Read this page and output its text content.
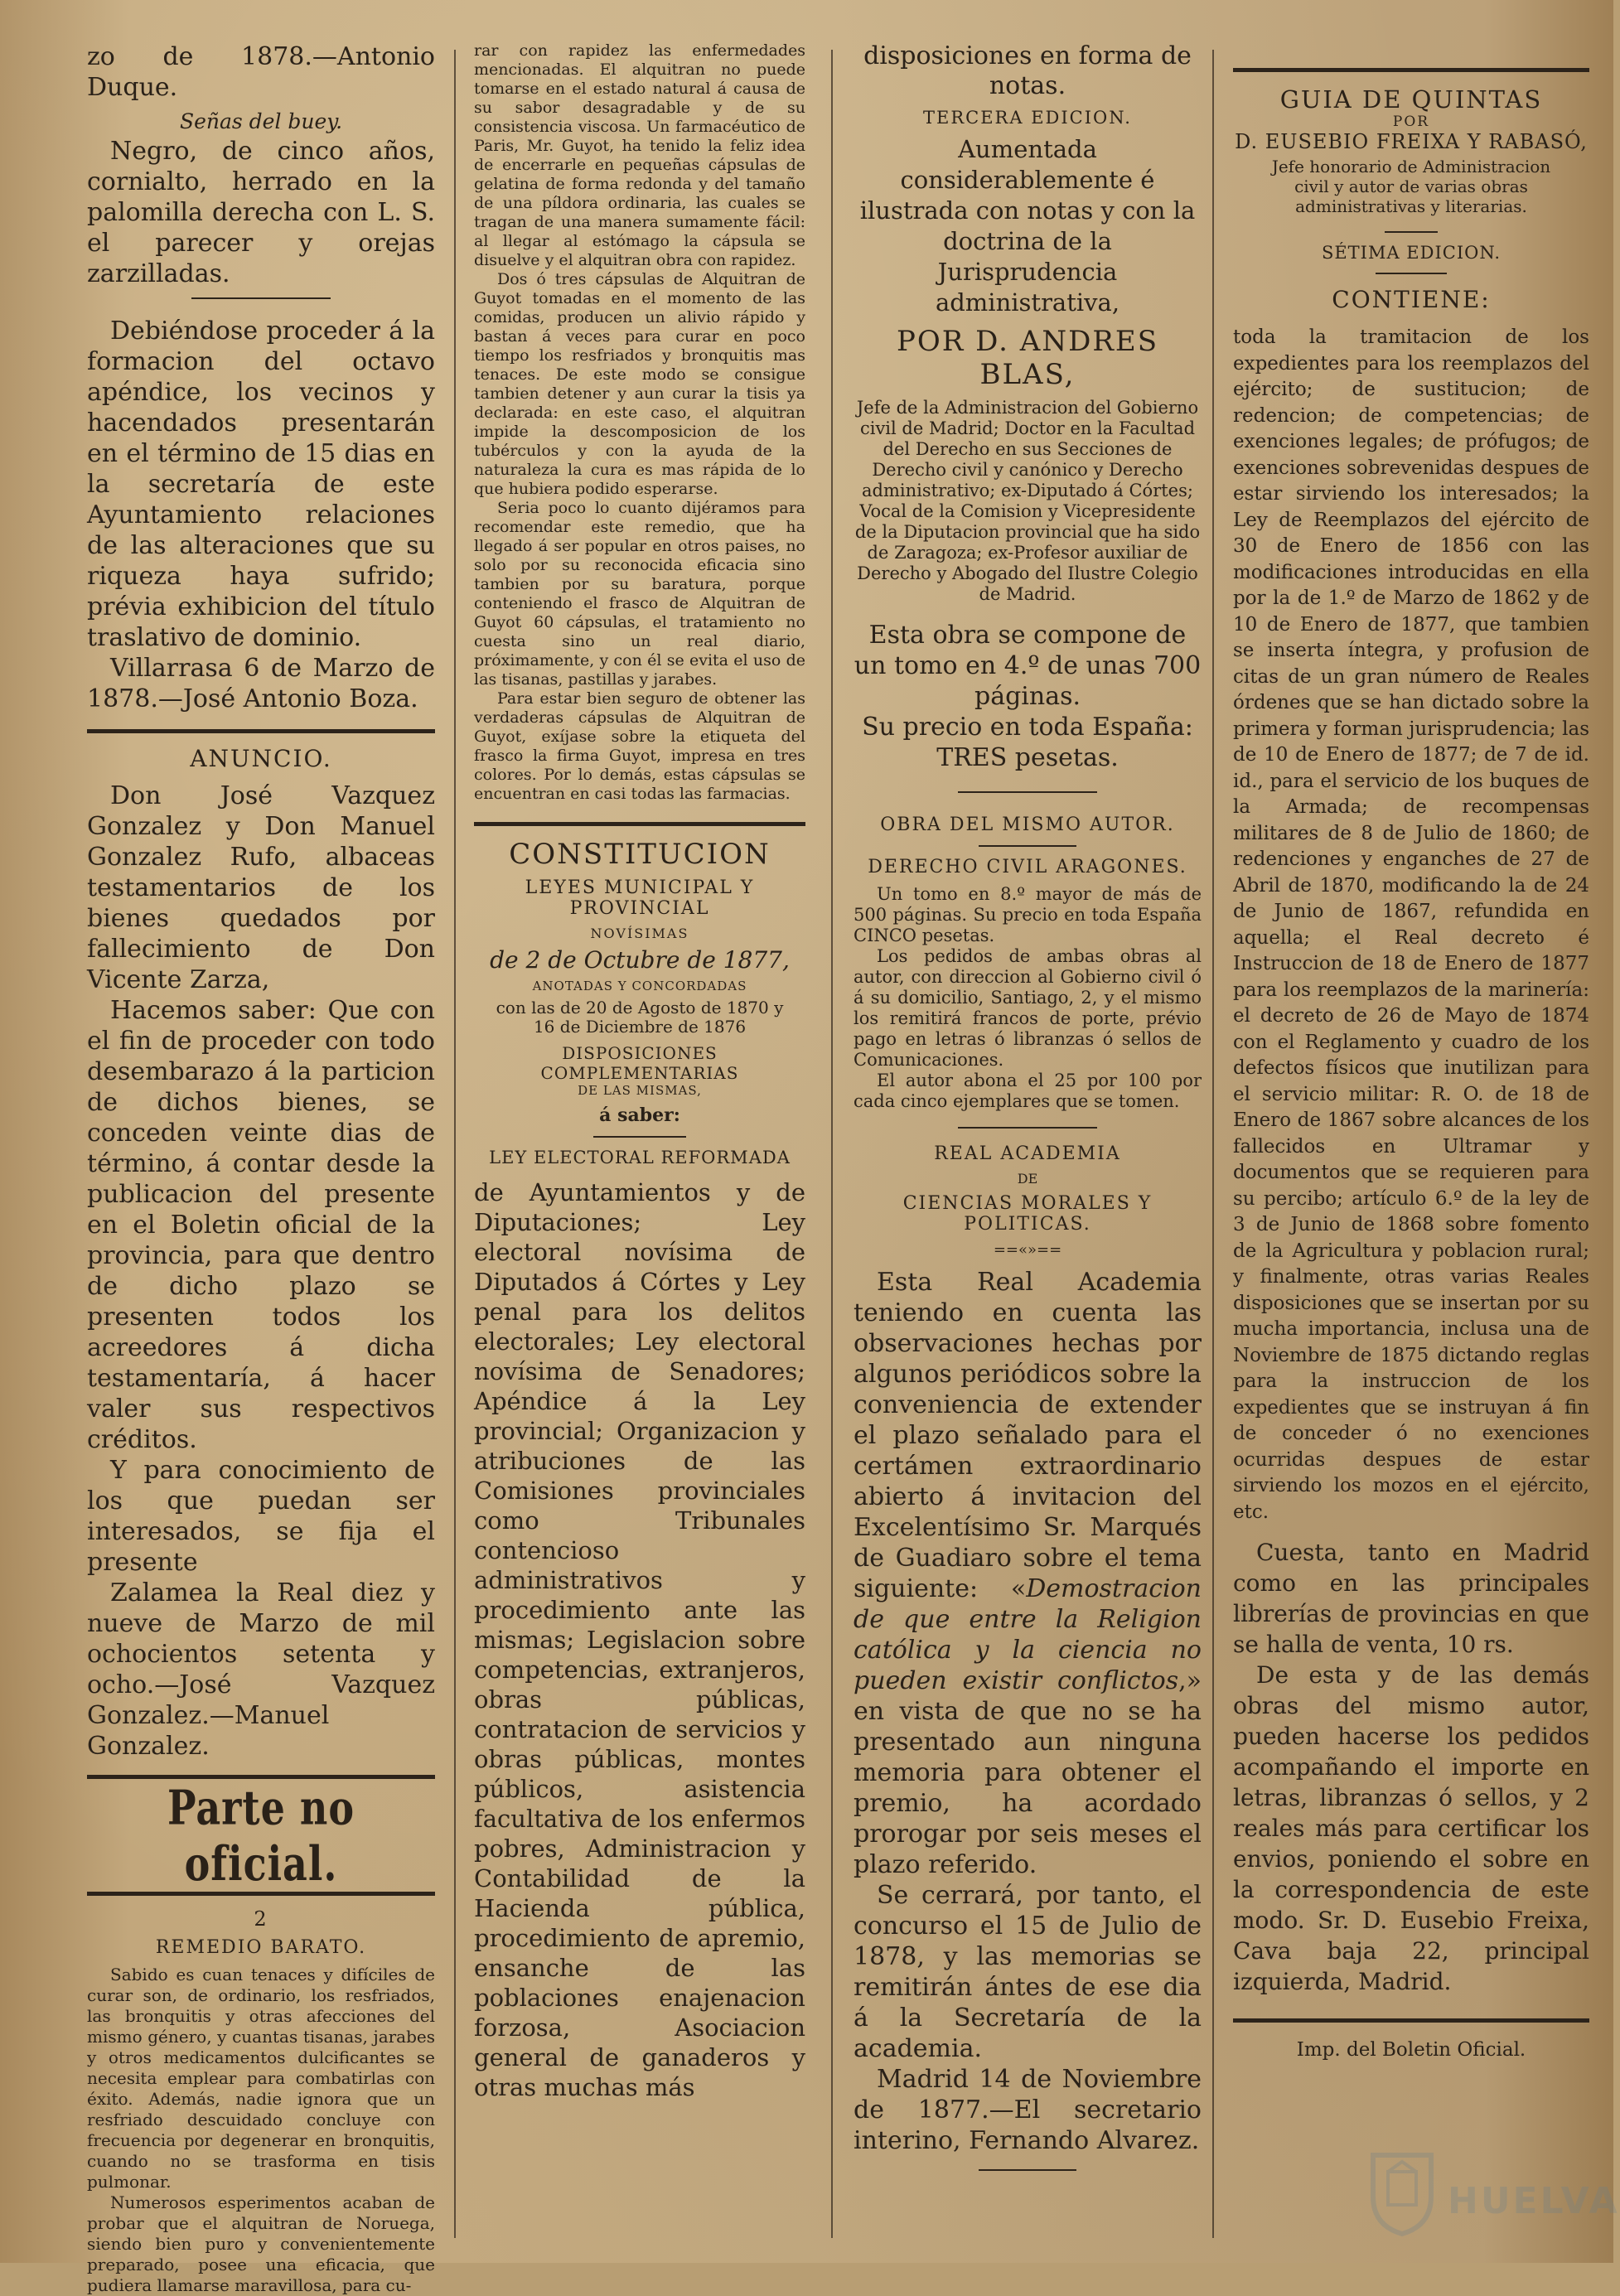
zo de 1878.—Antonio Duque.

Señas del buey.

Negro, de cinco años, cornialto, herrado en la palomilla derecha con L. S. el parecer y orejas zarzilladas.

Debiéndose proceder á la formacion del octavo apéndice, los vecinos y hacendados presentarán en el término de 15 dias en la secretaría de este Ayuntamiento relaciones de las alteraciones que su riqueza haya sufrido; prévia exhibicion del título traslativo de dominio.

Villarrasa 6 de Marzo de 1878.—José Antonio Boza.

ANUNCIO.

Don José Vazquez Gonzalez y Don Manuel Gonzalez Rufo, albaceas testamentarios de los bienes quedados por fallecimiento de Don Vicente Zarza,

Hacemos saber: Que con el fin de proceder con todo desembarazo á la particion de dichos bienes, se conceden veinte dias de término, á contar desde la publicacion del presente en el Boletin oficial de la provincia, para que dentro de dicho plazo se presenten todos los acreedores á dicha testamentaría, á hacer valer sus respectivos créditos.

Y para conocimiento de los que puedan ser interesados, se fija el presente

Zalamea la Real diez y nueve de Marzo de mil ochocientos setenta y ocho.—José Vazquez Gonzalez.—Manuel Gonzalez.

Parte no oficial.

2

REMEDIO BARATO.

Sabido es cuan tenaces y difíciles de curar son, de ordinario, los resfriados, las bronquitis y otras afecciones del mismo género, y cuantas tisanas, jarabes y otros medicamentos dulcificantes se necesita emplear para combatirlas con éxito. Además, nadie ignora que un resfriado descuidado concluye con frecuencia por degenerar en bronquitis, cuando no se trasforma en tisis pulmonar.

Numerosos esperimentos acaban de probar que el alquitran de Noruega, siendo bien puro y convenientemente preparado, posee una eficacia, que pudiera llamarse maravillosa, para cu-

rar con rapidez las enfermedades mencionadas. El alquitran no puede tomarse en el estado natural á causa de su sabor desagradable y de su consistencia viscosa. Un farmacéutico de Paris, Mr. Guyot, ha tenido la feliz idea de encerrarle en pequeñas cápsulas de gelatina de forma redonda y del tamaño de una píldora ordinaria, las cuales se tragan de una manera sumamente fácil: al llegar al estómago la cápsula se disuelve y el alquitran obra con rapidez.

Dos ó tres cápsulas de Alquitran de Guyot tomadas en el momento de las comidas, producen un alivio rápido y bastan á veces para curar en poco tiempo los resfriados y bronquitis mas tenaces. De este modo se consigue tambien detener y aun curar la tisis ya declarada: en este caso, el alquitran impide la descomposicion de los tubérculos y con la ayuda de la naturaleza la cura es mas rápida de lo que hubiera podido esperarse.

Seria poco lo cuanto dijéramos para recomendar este remedio, que ha llegado á ser popular en otros paises, no solo por su reconocida eficacia sino tambien por su baratura, porque conteniendo el frasco de Alquitran de Guyot 60 cápsulas, el tratamiento no cuesta sino un real diario, próximamente, y con él se evita el uso de las tisanas, pastillas y jarabes.

Para estar bien seguro de obtener las verdaderas cápsulas de Alquitran de Guyot, exíjase sobre la etiqueta del frasco la firma Guyot, impresa en tres colores. Por lo demás, estas cápsulas se encuentran en casi todas las farmacias.

CONSTITUCION

LEYES MUNICIPAL Y PROVINCIAL

NOVÍSIMAS

de 2 de Octubre de 1877,

ANOTADAS Y CONCORDADAS

con las de 20 de Agosto de 1870 y 16 de Diciembre de 1876

DISPOSICIONES COMPLEMENTARIAS

DE LAS MISMAS,

á saber:

LEY ELECTORAL REFORMADA

de Ayuntamientos y de Diputaciones; Ley electoral novísima de Diputados á Córtes y Ley penal para los delitos electorales; Ley electoral novísima de Senadores; Apéndice á la Ley provincial; Organizacion y atribuciones de las Comisiones provinciales como Tribunales contencioso administrativos y procedimiento ante las mismas; Legislacion sobre competencias, extranjeros, obras públicas, contratacion de servicios y obras públicas, montes públicos, asistencia facultativa de los enfermos pobres, Administracion y Contabilidad de la Hacienda pública, procedimiento de apremio, ensanche de las poblaciones enajenacion forzosa, Asociacion general de ganaderos y otras muchas más

disposiciones en forma de notas.

TERCERA EDICION.

Aumentada considerablemente é ilustrada con notas y con la doctrina de la Jurisprudencia administrativa,

POR D. ANDRES BLAS,

Jefe de la Administracion del Gobierno civil de Madrid; Doctor en la Facultad del Derecho en sus Secciones de Derecho civil y canónico y Derecho administrativo; ex-Diputado á Córtes; Vocal de la Comision y Vicepresidente de la Diputacion provincial que ha sido de Zaragoza; ex-Profesor auxiliar de Derecho y Abogado del Ilustre Colegio de Madrid.

Esta obra se compone de un tomo en 4.º de unas 700 páginas.

Su precio en toda España: TRES pesetas.

OBRA DEL MISMO AUTOR.

DERECHO CIVIL ARAGONES.

Un tomo en 8.º mayor de más de 500 páginas. Su precio en toda España CINCO pesetas.

Los pedidos de ambas obras al autor, con direccion al Gobierno civil ó á su domicilio, Santiago, 2, y el mismo los remitirá francos de porte, prévio pago en letras ó libranzas ó sellos de Comunicaciones.

El autor abona el 25 por 100 por cada cinco ejemplares que se tomen.

REAL ACADEMIA

DE

CIENCIAS MORALES Y POLITICAS.

==«»==

Esta Real Academia teniendo en cuenta las observaciones hechas por algunos periódicos sobre la conveniencia de extender el plazo señalado para el certámen extraordinario abierto á invitacion del Excelentísimo Sr. Marqués de Guadiaro sobre el tema siguiente: «Demostracion de que entre la Religion católica y la ciencia no pueden existir conflictos,» en vista de que no se ha presentado aun ninguna memoria para obtener el premio, ha acordado prorogar por seis meses el plazo referido.

Se cerrará, por tanto, el concurso el 15 de Julio de 1878, y las memorias se remitirán ántes de ese dia á la Secretaría de la academia.

Madrid 14 de Noviembre de 1877.—El secretario interino, Fernando Alvarez.

GUIA DE QUINTAS

POR

D. EUSEBIO FREIXA Y RABASÓ,

Jefe honorario de Administracion civil y autor de varias obras administrativas y literarias.

SÉTIMA EDICION.

CONTIENE:

toda la tramitacion de los expedientes para los reemplazos del ejército; de sustitucion; de redencion; de competencias; de exenciones legales; de prófugos; de exenciones sobrevenidas despues de estar sirviendo los interesados; la Ley de Reemplazos del ejército de 30 de Enero de 1856 con las modificaciones introducidas en ella por la de 1.º de Marzo de 1862 y de 10 de Enero de 1877, que tambien se inserta íntegra, y profusion de citas de un gran número de Reales órdenes que se han dictado sobre la primera y forman jurisprudencia; las de 10 de Enero de 1877; de 7 de id. id., para el servicio de los buques de la Armada; de recompensas militares de 8 de Julio de 1860; de redenciones y enganches de 27 de Abril de 1870, modificando la de 24 de Junio de 1867, refundida en aquella; el Real decreto é Instruccion de 18 de Enero de 1877 para los reemplazos de la marinería: el decreto de 26 de Mayo de 1874 con el Reglamento y cuadro de los defectos físicos que inutilizan para el servicio militar: R. O. de 18 de Enero de 1867 sobre alcances de los fallecidos en Ultramar y documentos que se requieren para su percibo; artículo 6.º de la ley de 3 de Junio de 1868 sobre fomento de la Agricultura y poblacion rural; y finalmente, otras varias Reales disposiciones que se insertan por su mucha importancia, inclusa una de Noviembre de 1875 dictando reglas para la instruccion de los expedientes que se instruyan á fin de conceder ó no exenciones ocurridas despues de estar sirviendo los mozos en el ejército, etc.

Cuesta, tanto en Madrid como en las principales librerías de provincias en que se halla de venta, 10 rs.

De esta y de las demás obras del mismo autor, pueden hacerse los pedidos acompañando el importe en letras, libranzas ó sellos, y 2 reales más para certificar los envios, poniendo el sobre en la correspondencia de este modo. Sr. D. Eusebio Freixa, Cava baja 22, principal izquierda, Madrid.

Imp. del Boletin Oficial.

HUELVA
